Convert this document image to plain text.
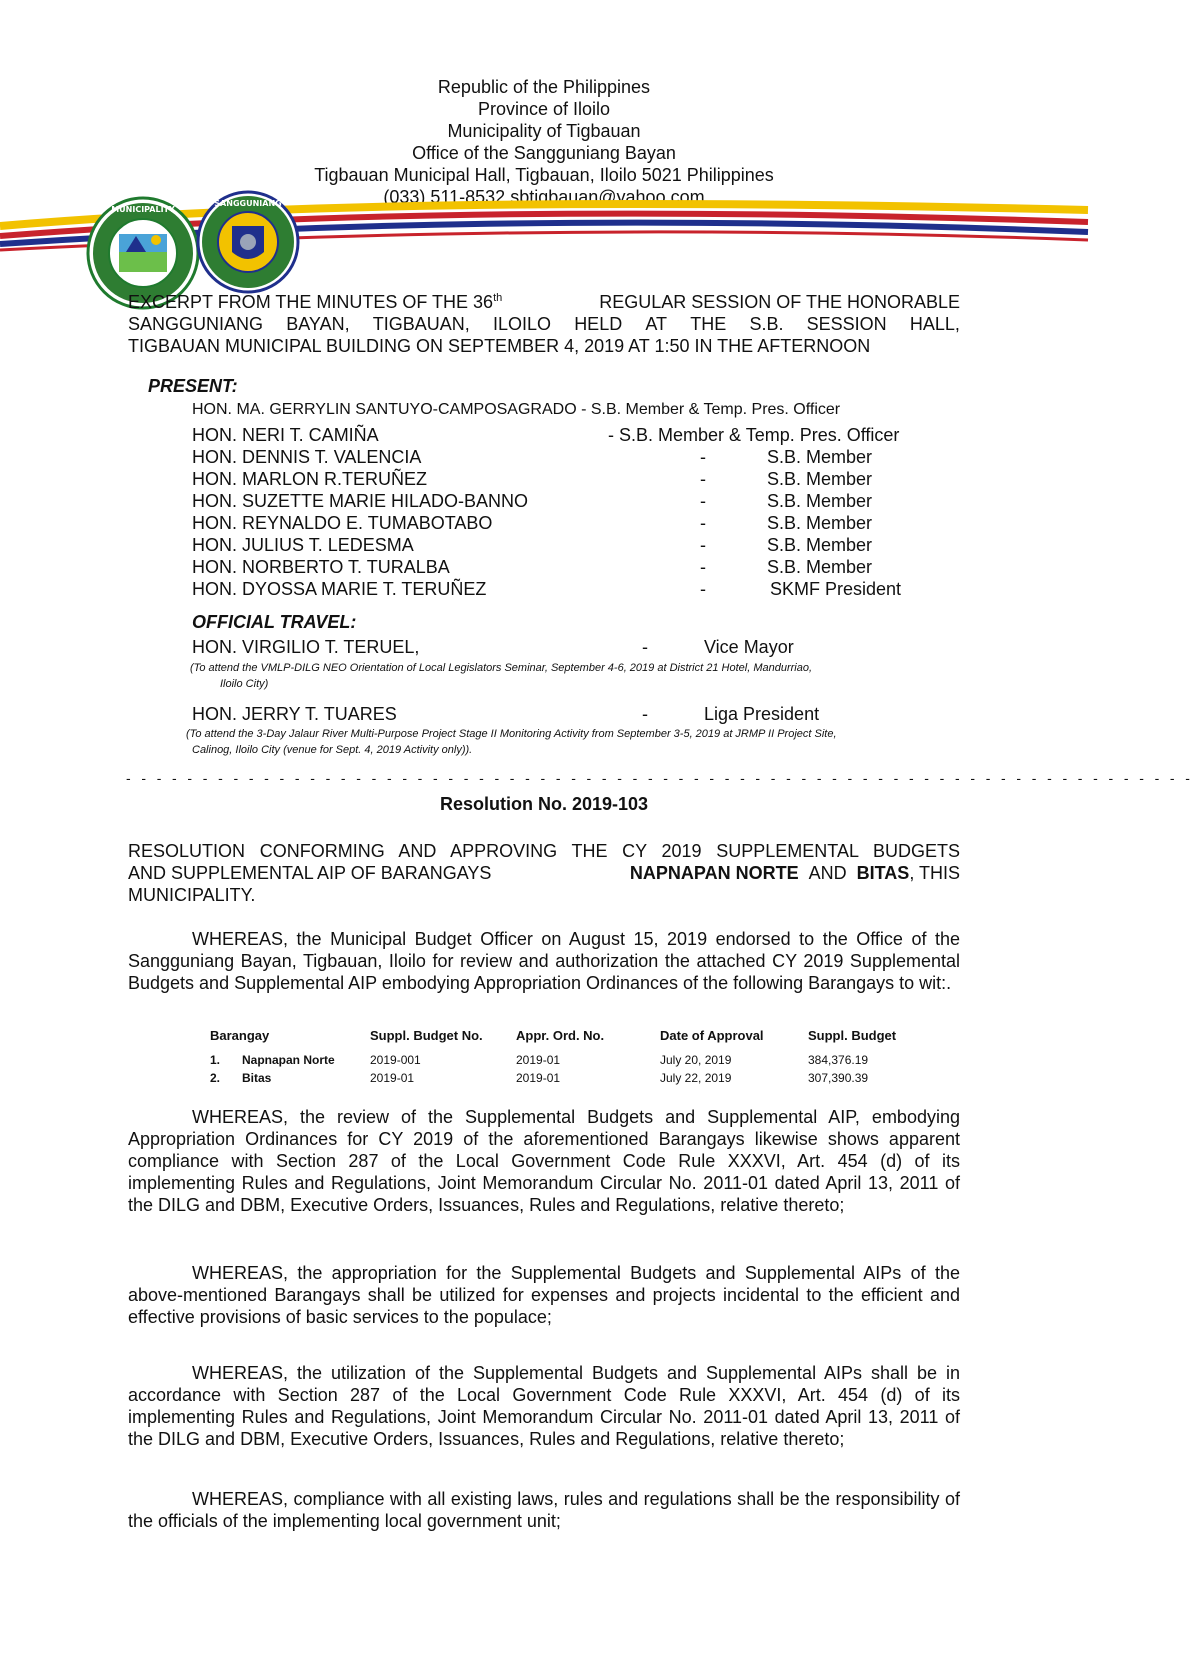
Republic of the Philippines
Province of Iloilo
Municipality of Tigbauan
Office of the Sangguniang Bayan
Tigbauan Municipal Hall, Tigbauan, Iloilo 5021 Philippines
(033) 511-8532 sbtigbauan@yahoo.com
MUNICIPALITY
SANGGUNIANG
EXCERPT FROM THE MINUTES OF THE 36th	REGULAR SESSION OF THE HONORABLE
SANGGUNIANG BAYAN, TIGBAUAN, ILOILO HELD AT THE S.B. SESSION HALL,
TIGBAUAN MUNICIPAL BUILDING ON SEPTEMBER 4, 2019 AT 1:50 IN THE AFTERNOON
PRESENT:
HON. MA. GERRYLIN SANTUYO-CAMPOSAGRADO - S.B. Member & Temp. Pres. Officer
HON. NERI T. CAMIÑA	- S.B. Member & Temp. Pres. Officer
HON. DENNIS T. VALENCIA	-	S.B. Member
HON. MARLON R.TERUÑEZ	-	S.B. Member
HON. SUZETTE MARIE HILADO-BANNO	-	S.B. Member
HON. REYNALDO E. TUMABOTABO	-	S.B. Member
HON. JULIUS T. LEDESMA	-	S.B. Member
HON. NORBERTO T. TURALBA	-	S.B. Member
HON. DYOSSA MARIE T. TERUÑEZ	-	SKMF President
OFFICIAL TRAVEL:
HON. VIRGILIO T. TERUEL,	-	Vice Mayor
(To attend the VMLP-DILG NEO Orientation of Local Legislators Seminar, September 4-6, 2019 at District 21 Hotel, Mandurriao,
Iloilo City)
HON. JERRY T. TUARES	-	Liga President
(To attend the 3-Day Jalaur River Multi-Purpose Project Stage II Monitoring Activity from September 3-5, 2019 at JRMP II Project Site,
Calinog, Iloilo City (venue for Sept. 4, 2019 Activity only)).
- - - - - - - - - - - - - - - - - - - - - - - - - - - - - - - - - - - - - - - - - - - - - - - - - - - - - - - - - - - - - - - - - - - - - -
Resolution No. 2019-103
RESOLUTION CONFORMING AND APPROVING THE CY 2019 SUPPLEMENTAL BUDGETS
AND SUPPLEMENTAL AIP OF BARANGAYS	NAPNAPAN NORTE AND BITAS, THIS
MUNICIPALITY.
WHEREAS, the Municipal Budget Officer on August 15, 2019 endorsed to the Office of the Sangguniang Bayan, Tigbauan, Iloilo for review and authorization the attached CY 2019 Supplemental Budgets and Supplemental AIP embodying Appropriation Ordinances of the following Barangays to wit:.
Barangay	Suppl. Budget No.	Appr. Ord. No.	Date of Approval	Suppl. Budget
1. Napnapan Norte	2019-001	2019-01	July 20, 2019	384,376.19
2. Bitas	2019-01	2019-01	July 22, 2019	307,390.39
WHEREAS, the review of the Supplemental Budgets and Supplemental AIP, embodying Appropriation Ordinances for CY 2019 of the aforementioned Barangays likewise shows apparent compliance with Section 287 of the Local Government Code Rule XXXVI, Art. 454 (d) of its implementing Rules and Regulations, Joint Memorandum Circular No. 2011-01 dated April 13, 2011 of the DILG and DBM, Executive Orders, Issuances, Rules and Regulations, relative thereto;
WHEREAS, the appropriation for the Supplemental Budgets and Supplemental AIPs of the above-mentioned Barangays shall be utilized for expenses and projects incidental to the efficient and effective provisions of basic services to the populace;
WHEREAS, the utilization of the Supplemental Budgets and Supplemental AIPs shall be in accordance with Section 287 of the Local Government Code Rule XXXVI, Art. 454 (d) of its implementing Rules and Regulations, Joint Memorandum Circular No. 2011-01 dated April 13, 2011 of the DILG and DBM, Executive Orders, Issuances, Rules and Regulations, relative thereto;
WHEREAS, compliance with all existing laws, rules and regulations shall be the responsibility of the officials of the implementing local government unit;
